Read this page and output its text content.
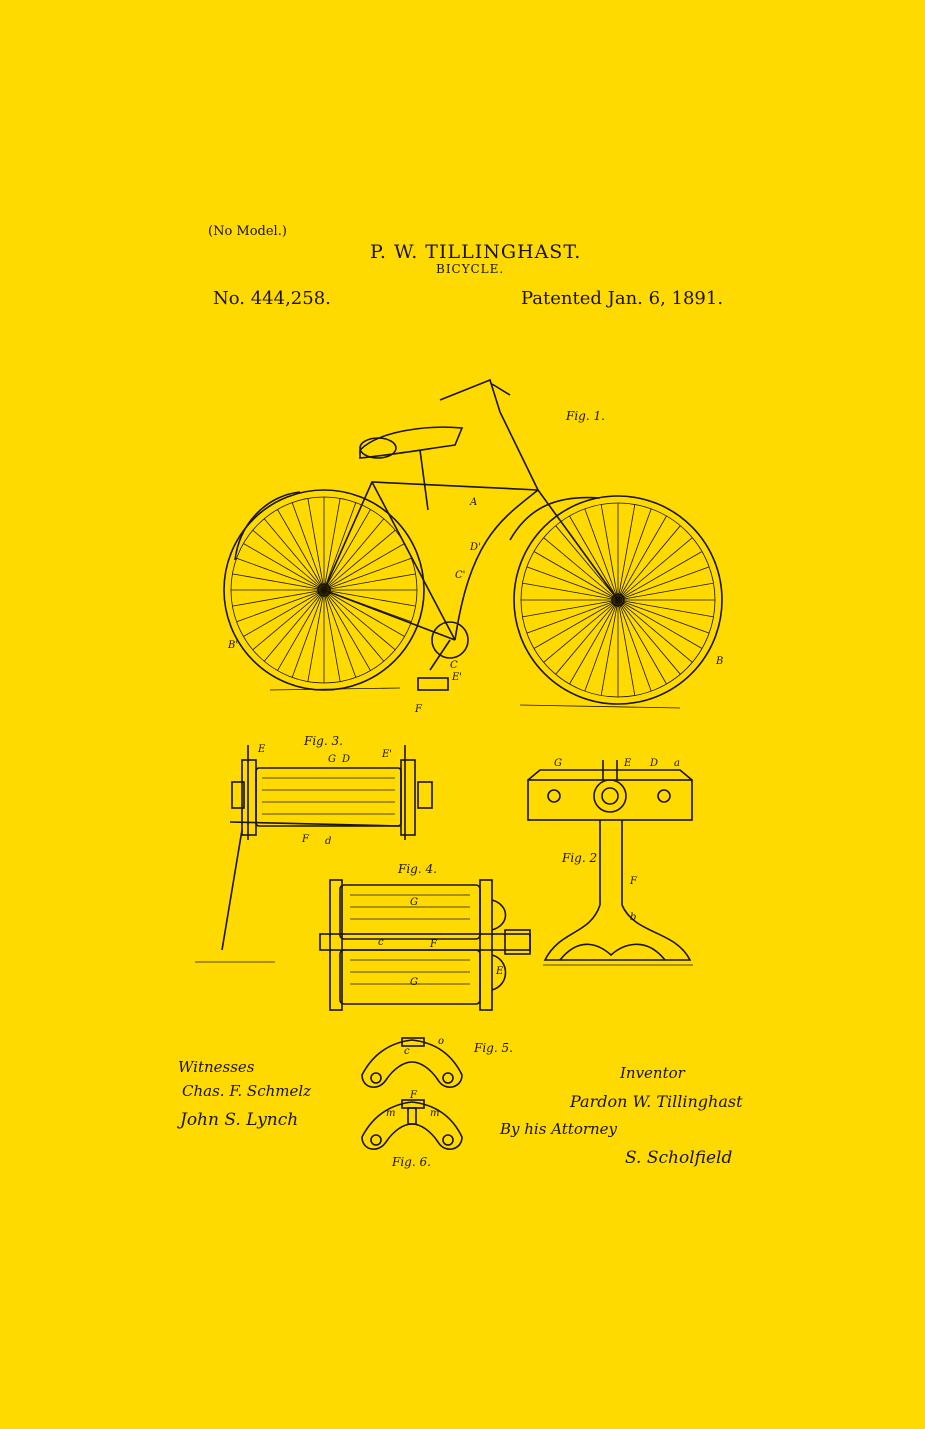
(No Model.)
P. W. TILLINGHAST.
BICYCLE.
No. 444,258.	Patented Jan. 6, 1891.
A
D'
C'
B'
B
C
E'
F
Fig. 1.
E
G D	E'
F d
Fig. 3.
G	E D a
F
b
Fig. 2
c
G
G
F
E'
Fig. 4.
c
o Fig. 5.
F
m	m
Fig. 6.
Witnesses
Chas. F. Schmelz
John S. Lynch
Inventor
Pardon W. Tillinghast
By his Attorney
S. Scholfield
